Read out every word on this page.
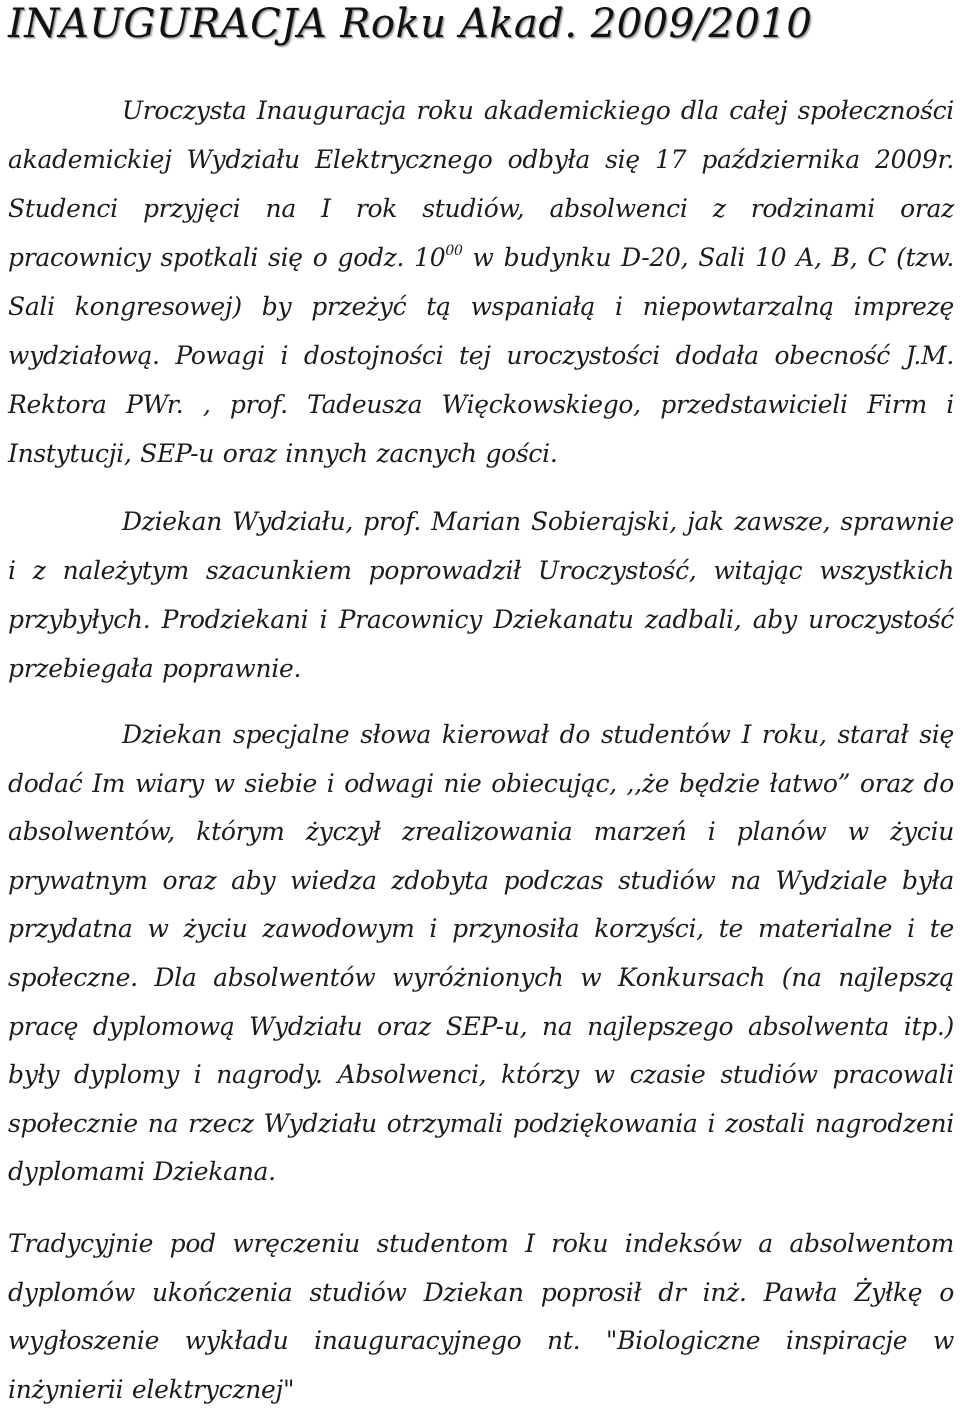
INAUGURACJA Roku Akad. 2009/2010

Uroczysta Inauguracja roku akademickiego dla całej społeczności akademickiej Wydziału Elektrycznego odbyła się 17 października 2009r. Studenci przyjęci na I rok studiów, absolwenci z rodzinami oraz pracownicy spotkali się o godz. $10^{00}$ w budynku D-20, Sali 10 A, B, C (tzw. Sali kongresowej) by przeżyć tą wspaniałą i niepowtarzalną imprezę wydziałową. Powagi i dostojności tej uroczystości dodała obecność J.M. Rektora PWr. , prof. Tadeusza Więckowskiego, przedstawicieli Firm i Instytucji, SEP-u oraz innych zacnych gości.

Dziekan Wydziału, prof. Marian Sobierajski, jak zawsze, sprawnie i z należytym szacunkiem poprowadził Uroczystość, witając wszystkich przybyłych. Prodziekani i Pracownicy Dziekanatu zadbali, aby uroczystość przebiegała poprawnie.

Dziekan specjalne słowa kierował do studentów I roku, starał się dodać Im wiary w siebie i odwagi nie obiecując, ,,że będzie łatwo” oraz do absolwentów, którym życzył zrealizowania marzeń i planów w życiu prywatnym oraz aby wiedza zdobyta podczas studiów na Wydziale była przydatna w życiu zawodowym i przynosiła korzyści, te materialne i te społeczne. Dla absolwentów wyróżnionych w Konkursach (na najlepszą pracę dyplomową Wydziału oraz SEP-u, na najlepszego absolwenta itp.) były dyplomy i nagrody. Absolwenci, którzy w czasie studiów pracowali społecznie na rzecz Wydziału otrzymali podziękowania i zostali nagrodzeni dyplomami Dziekana.

Tradycyjnie pod wręczeniu studentom I roku indeksów a absolwentom dyplomów ukończenia studiów Dziekan poprosił dr inż. Pawła Żyłkę o wygłoszenie wykładu inauguracyjnego nt. "Biologiczne inspiracje w inżynierii elektrycznej"
